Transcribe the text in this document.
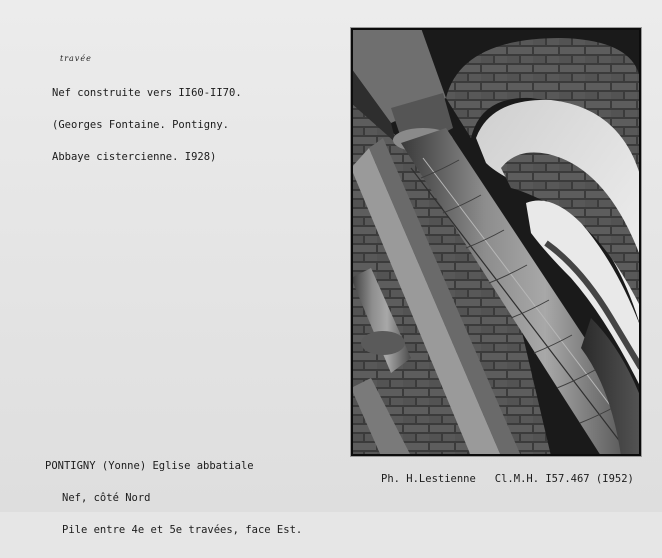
travée

Nef construite vers II60-II70.

(Georges Fontaine. Pontigny.

Abbaye cistercienne. I928)

PONTIGNY (Yonne) Eglise abbatiale

Nef, côté Nord

Pile entre 4e et 5e travées, face Est.

Ph. H.Lestienne   Cl.M.H. I57.467 (I952)
